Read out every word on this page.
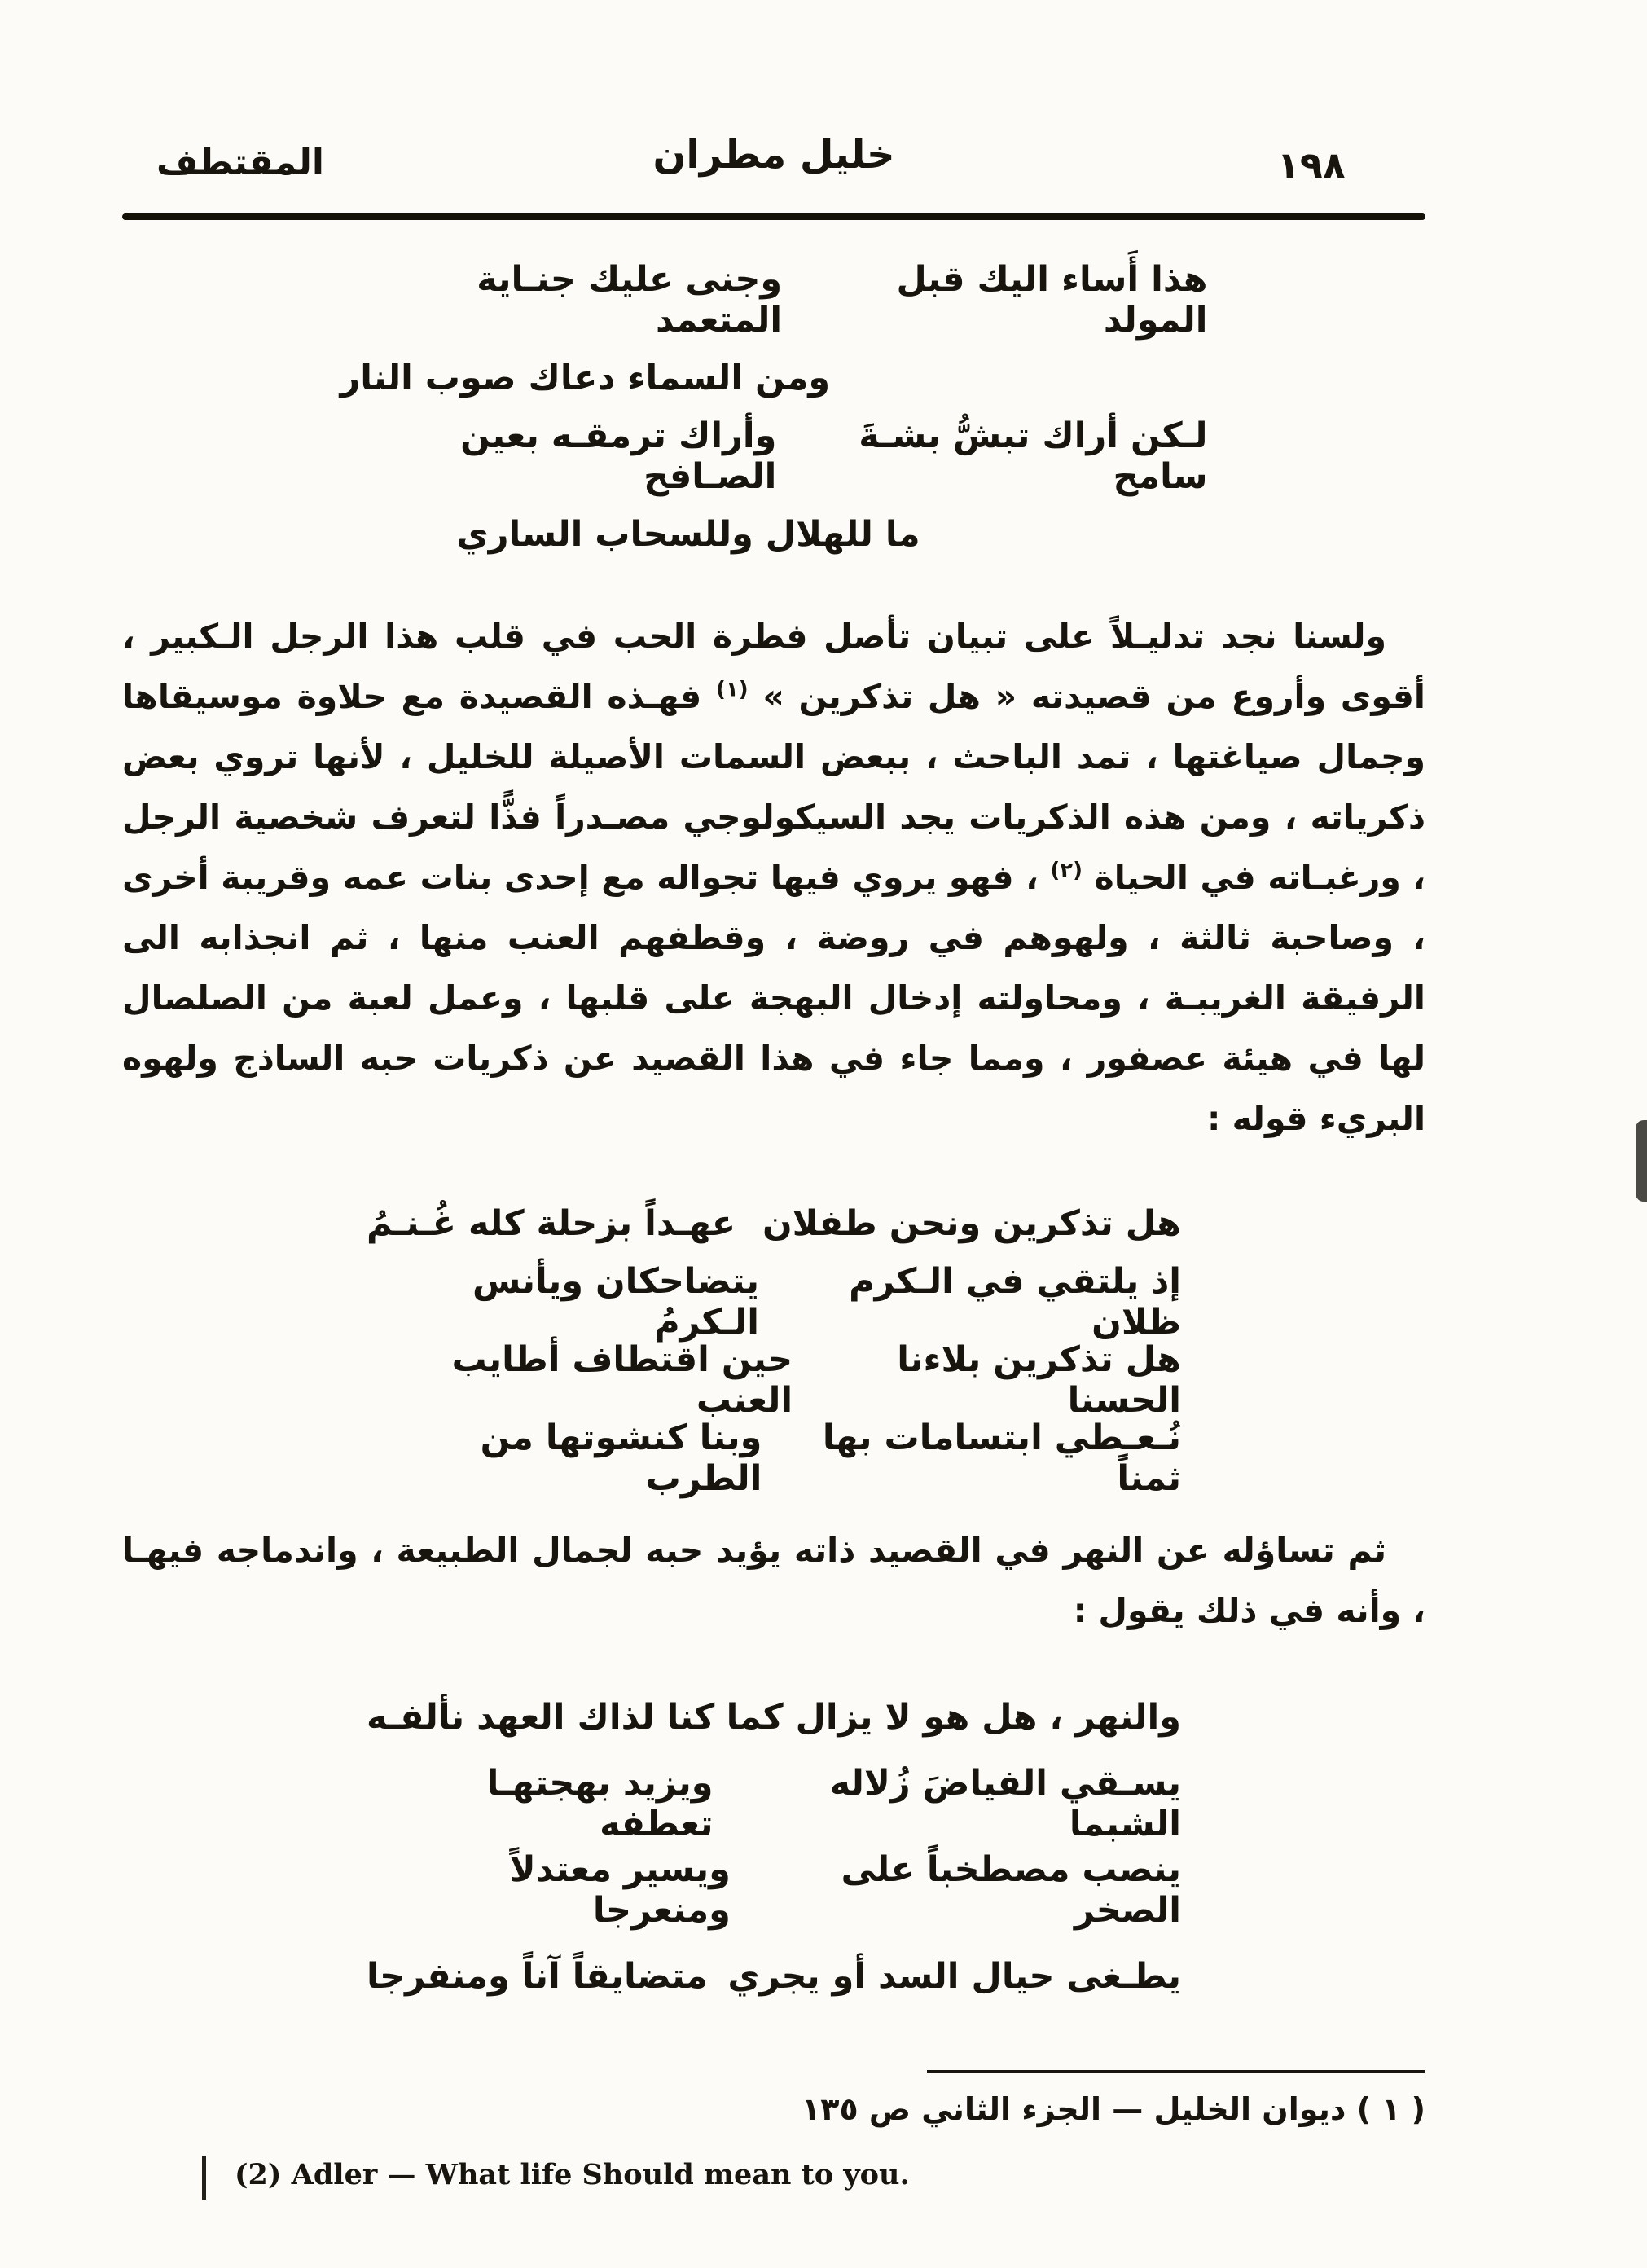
المقتطف	خليل مطران	١٩٨
هذا أَساء اليك قبل المولد
وجنى عليك جنـاية المتعمد
ومن السماء دعاك صوب النار
لـكن أراك تبشُّ بشـةَ سامح
وأراك ترمقـه بعين الصـافح
ما للهلال وللسحاب الساري

ولسنا نجد تدليـلاً على تبيان تأصل فطرة الحب في قلب هذا الرجل الـكبير ، أقوى وأروع من قصيدته « هل تذكرين » $^{(١)}$ فهـذه القصيدة مع حلاوة موسيقاها وجمال صياغتها ، تمد الباحث ، ببعض السمات الأصيلة للخليل ، لأنها تروي بعض ذكرياته ، ومن هذه الذكريات يجد السيكولوجي مصـدراً فذًّا لتعرف شخصية الرجل ، ورغبـاته في الحياة $^{(٢)}$ ، فهو يروي فيها تجواله مع إحدى بنات عمه وقريبة أخرى ، وصاحبة ثالثة ، ولهوهم في روضة ، وقطفهم العنب منها ، ثم انجذابه الى الرفيقة الغريبـة ، ومحاولته إدخال البهجة على قلبها ، وعمل لعبة من الصلصال لها في هيئة عصفور ، ومما جاء في هذا القصيد عن ذكريات حبه الساذج ولهوه البريء قوله :

هل تذكرين ونحن طفلان
عهـداً بزحلة كله غُـنـمُ
إذ يلتقي في الـكرم ظلان
يتضاحكان ويأنس الـكرمُ
هل تذكرين بلاءنا الحسنا
حين اقتطاف أطايب العنب
نُـعـطي ابتسامات بها ثمناً
وبنا كنشوتها من الطرب

ثم تساؤله عن النهر في القصيد ذاته يؤيد حبه لجمال الطبيعة ، واندماجه فيهـا ، وأنه في ذلك يقول :

والنهر ، هل هو لا يزال كما
كنا لذاك العهد نألفـه
يسـقي الفياضَ زُلاله الشبما
ويزيد بهجتهـا تعطفه
ينصب مصطخباً على الصخر
ويسير معتدلاً ومنعرجا
يطـغى حيال السد أو يجري
متضايقاً آناً ومنفرجا

( ١ ) ديوان الخليل — الجزء الثاني ص ١٣٥

(2) Adler — What life Should mean to you.
